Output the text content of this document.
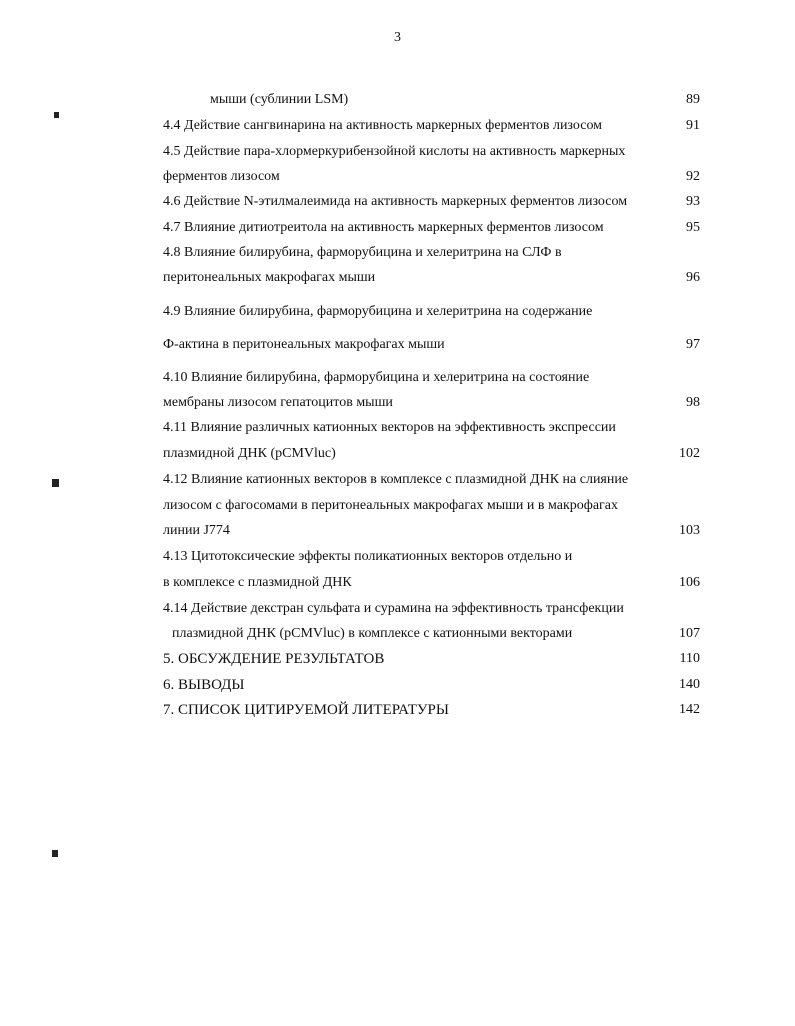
3
мыши (сублинии LSM)	89
4.4 Действие сангвинарина на активность маркерных ферментов лизосом	91
4.5 Действие пара-хлормеркурибензойной кислоты на активность маркерных
ферментов лизосом	92
4.6 Действие N-этилмалеимида на активность маркерных ферментов лизосом	93
4.7 Влияние дитиотреитола на активность маркерных ферментов лизосом	95
4.8 Влияние билирубина, фарморубицина и хелеритрина на СЛФ в
перитонеальных макрофагах мыши	96
4.9 Влияние билирубина, фарморубицина и хелеритрина на содержание
Ф-актина в перитонеальных макрофагах мыши	97
4.10 Влияние билирубина, фарморубицина и хелеритрина на состояние
мембраны лизосом гепатоцитов мыши	98
4.11 Влияние различных катионных векторов на эффективность экспрессии
плазмидной ДНК (pCMVluc)	102
4.12 Влияние катионных векторов в комплексе с плазмидной ДНК на слияние
лизосом с фагосомами в перитонеальных макрофагах мыши и в макрофагах
линии J774	103
4.13 Цитотоксические эффекты поликатионных векторов отдельно и
в комплексе с плазмидной ДНК	106
4.14 Действие декстран сульфата и сурамина на эффективность трансфекции
плазмидной ДНК (pCMVluc) в комплексе с катионными векторами	107
5. ОБСУЖДЕНИЕ РЕЗУЛЬТАТОВ	110
6. ВЫВОДЫ	140
7. СПИСОК ЦИТИРУЕМОЙ ЛИТЕРАТУРЫ	142
